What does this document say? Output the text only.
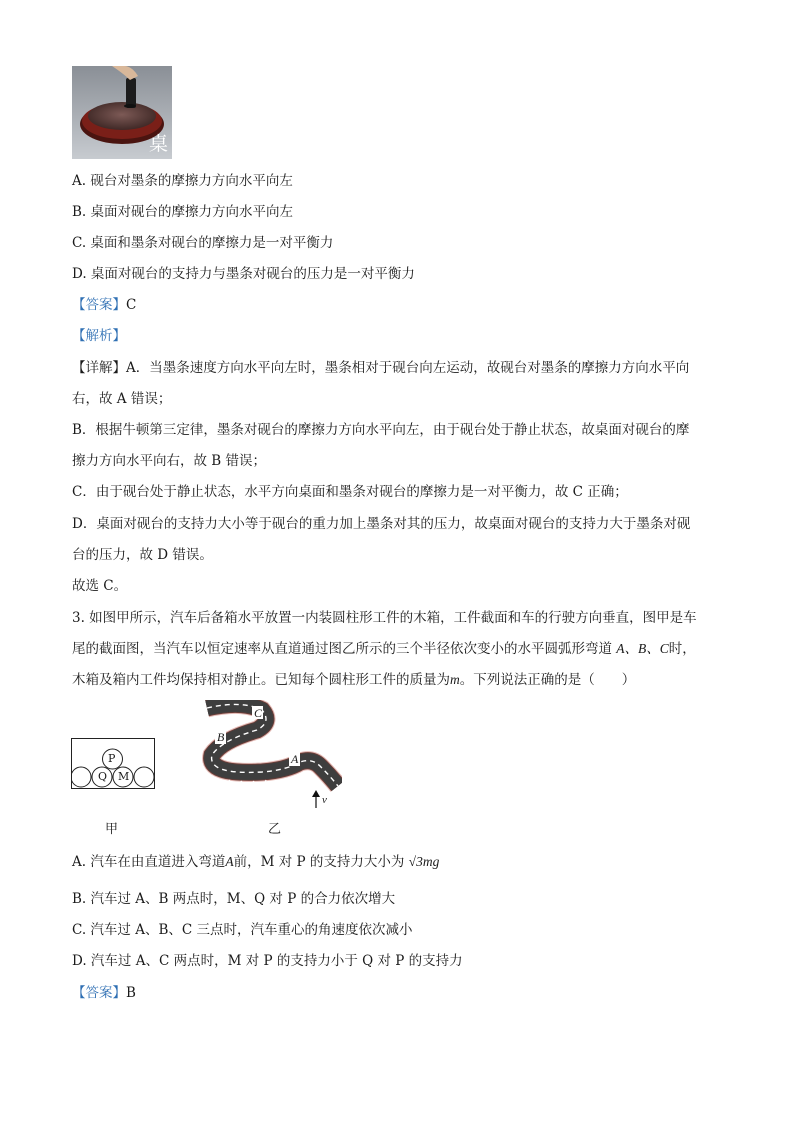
桌
A. 砚台对墨条的摩擦力方向水平向左
B. 桌面对砚台的摩擦力方向水平向左
C. 桌面和墨条对砚台的摩擦力是一对平衡力
D. 桌面对砚台的支持力与墨条对砚台的压力是一对平衡力
【答案】C
【解析】
【详解】A．当墨条速度方向水平向左时，墨条相对于砚台向左运动，故砚台对墨条的摩擦力方向水平向
右，故 A 错误；
B．根据牛顿第三定律，墨条对砚台的摩擦力方向水平向左，由于砚台处于静止状态，故桌面对砚台的摩
擦力方向水平向右，故 B 错误；
C．由于砚台处于静止状态，水平方向桌面和墨条对砚台的摩擦力是一对平衡力，故 C 正确；
D．桌面对砚台的支持力大小等于砚台的重力加上墨条对其的压力，故桌面对砚台的支持力大于墨条对砚
台的压力，故 D 错误。
故选 C。
3. 如图甲所示，汽车后备箱水平放置一内装圆柱形工件的木箱，工件截面和车的行驶方向垂直，图甲是车
尾的截面图，当汽车以恒定速率从直道通过图乙所示的三个半径依次变小的水平圆弧形弯道 A、B、C时，
木箱及箱内工件均保持相对静止。已知每个圆柱形工件的质量为m。下列说法正确的是（　　）
P
Q M
甲
C
B
A
v
乙
A. 汽车在由直道进入弯道A前，M 对 P 的支持力大小为 √3mg
B. 汽车过 A、B 两点时，M、Q 对 P 的合力依次增大
C. 汽车过 A、B、C 三点时，汽车重心的角速度依次减小
D. 汽车过 A、C 两点时，M 对 P 的支持力小于 Q 对 P 的支持力
【答案】B
